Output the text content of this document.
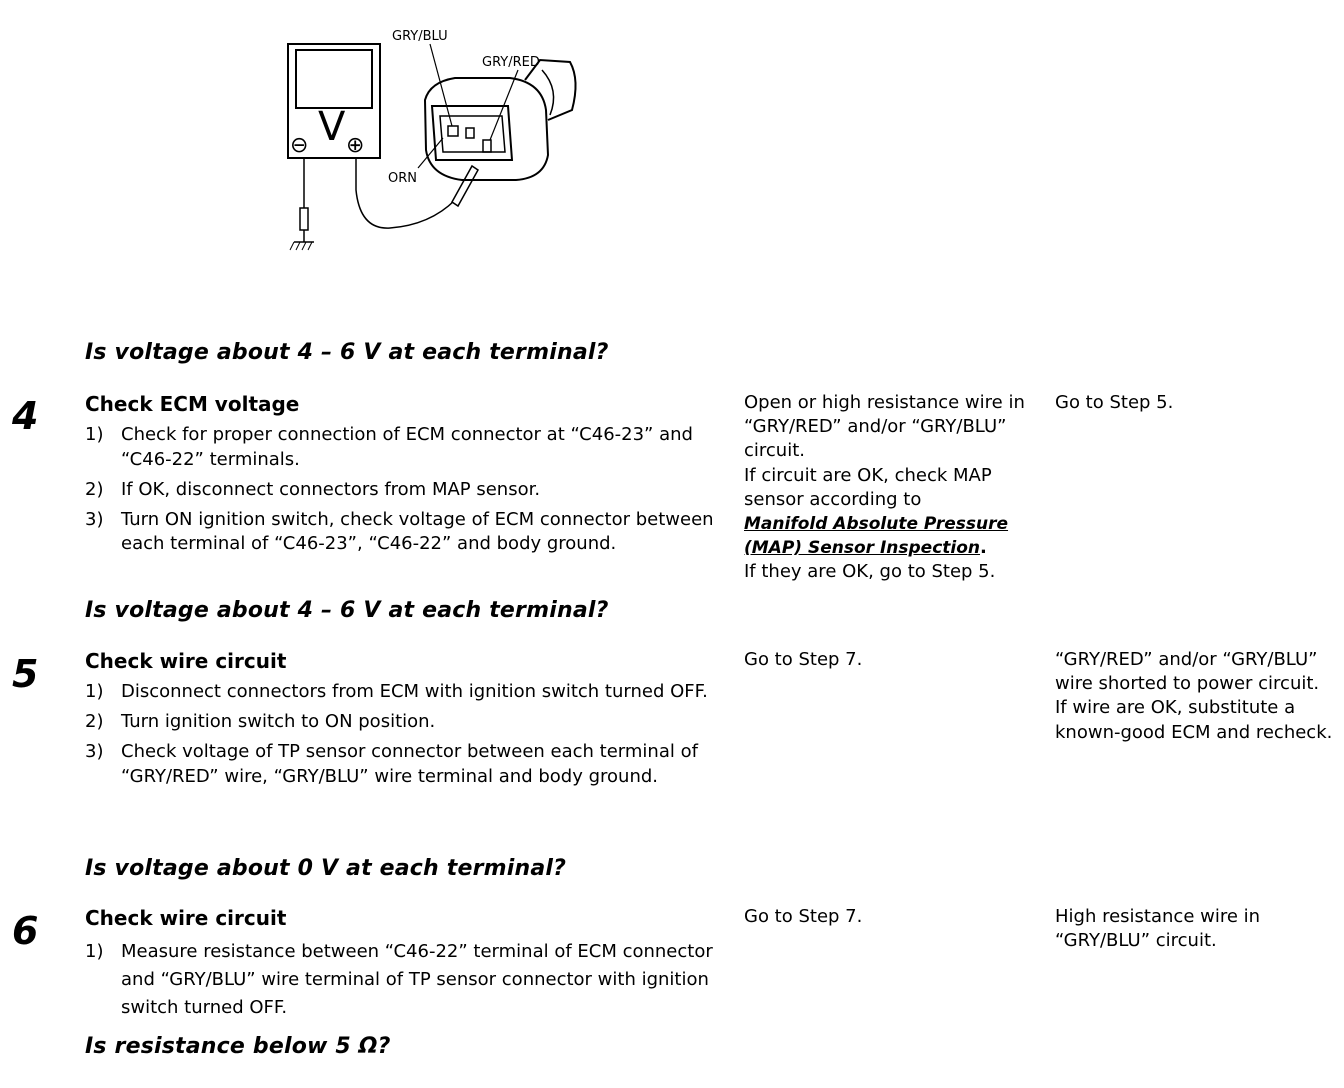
V
⊖ ⊕
GRY/BLU
GRY/RED
ORN
Is voltage about 4 – 6 V at each terminal?
4 Check ECM voltage
1) Check for proper connection of ECM connector at “C46-23” and “C46-22” terminals.
2) If OK, disconnect connectors from MAP sensor.
3) Turn ON ignition switch, check voltage of ECM connector between each terminal of “C46-23”, “C46-22” and body ground.
Is voltage about 4 – 6 V at each terminal?
Open or high resistance wire in “GRY/RED” and/or “GRY/BLU” circuit.
If circuit are OK, check MAP sensor according to
Manifold Absolute Pressure (MAP) Sensor Inspection.
If they are OK, go to Step 5.
Go to Step 5.
5 Check wire circuit
1) Disconnect connectors from ECM with ignition switch turned OFF.
2) Turn ignition switch to ON position.
3) Check voltage of TP sensor connector between each terminal of “GRY/RED” wire, “GRY/BLU” wire terminal and body ground.
Is voltage about 0 V at each terminal?
Go to Step 7.	“GRY/RED” and/or “GRY/BLU” wire shorted to power circuit.
If wire are OK, substitute a known-good ECM and recheck.
6 Check wire circuit
1) Measure resistance between “C46-22” terminal of ECM connector and “GRY/BLU” wire terminal of TP sensor connector with ignition switch turned OFF.
Is resistance below 5 Ω?
Go to Step 7.	High resistance wire in “GRY/BLU” circuit.
